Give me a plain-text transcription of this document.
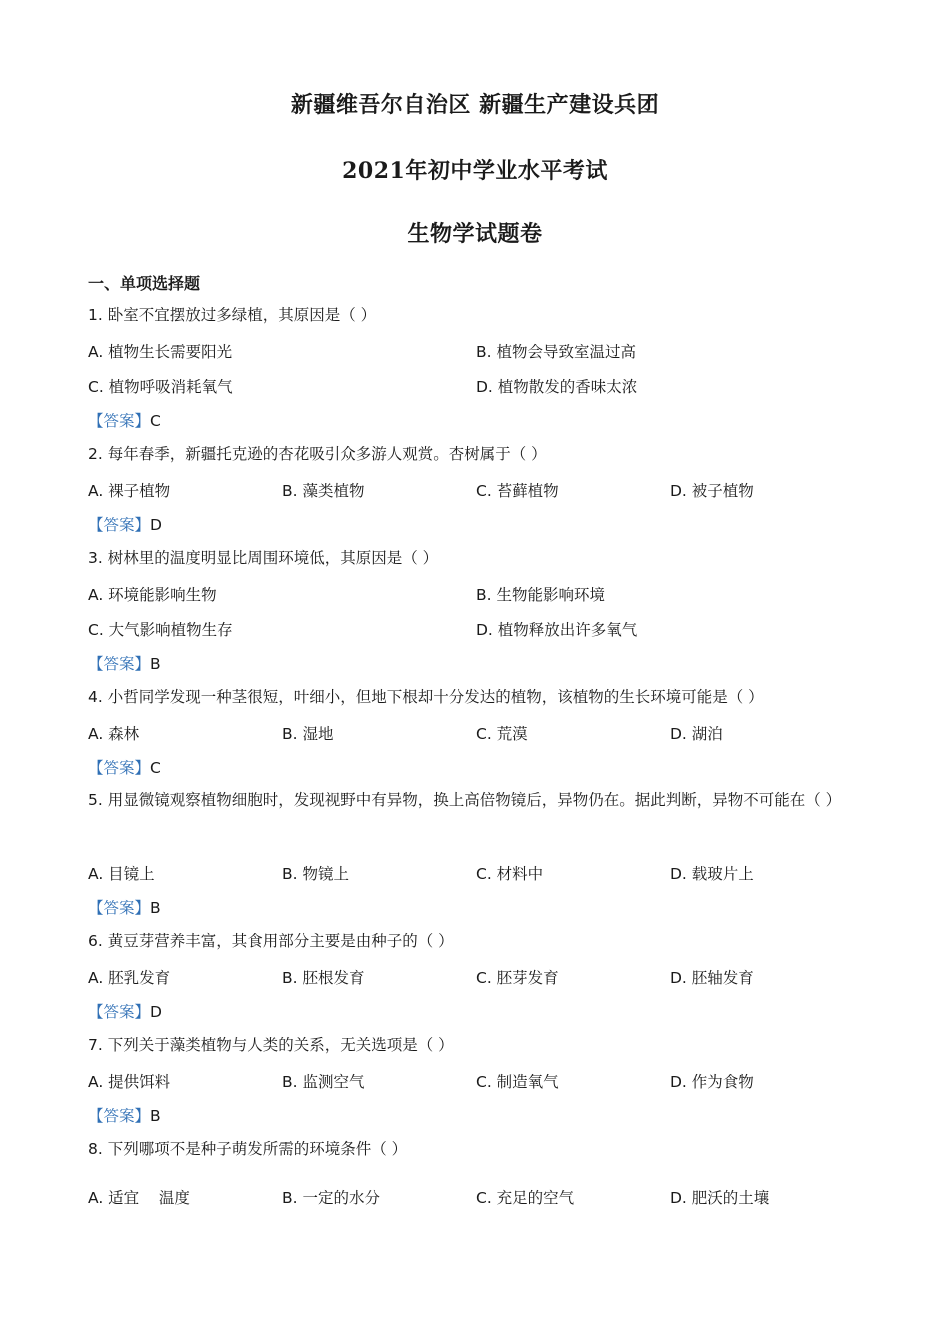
新疆维吾尔自治区 新疆生产建设兵团
2021年初中学业水平考试
生物学试题卷
一、单项选择题
1. 卧室不宜摆放过多绿植，其原因是（ ）
A. 植物生长需要阳光	B. 植物会导致室温过高
C. 植物呼吸消耗氧气	D. 植物散发的香味太浓
【答案】C
2. 每年春季，新疆托克逊的杏花吸引众多游人观赏。杏树属于（ ）
A. 裸子植物	B. 藻类植物	C. 苔藓植物	D. 被子植物
【答案】D
3. 树林里的温度明显比周围环境低，其原因是（ ）
A. 环境能影响生物	B. 生物能影响环境
C. 大气影响植物生存	D. 植物释放出许多氧气
【答案】B
4. 小哲同学发现一种茎很短，叶细小，但地下根却十分发达的植物，该植物的生长环境可能是（ ）
A. 森林	B. 湿地	C. 荒漠	D. 湖泊
【答案】C
5. 用显微镜观察植物细胞时，发现视野中有异物，换上高倍物镜后，异物仍在。据此判断，异物不可能在（ ）
A. 目镜上	B. 物镜上	C. 材料中	D. 载玻片上
【答案】B
6. 黄豆芽营养丰富，其食用部分主要是由种子的（ ）
A. 胚乳发育	B. 胚根发育	C. 胚芽发育	D. 胚轴发育
【答案】D
7. 下列关于藻类植物与人类的关系，无关选项是（ ）
A. 提供饵料	B. 监测空气	C. 制造氧气	D. 作为食物
【答案】B
8. 下列哪项不是种子萌发所需的环境条件（ ）
A. 适宜    温度	B. 一定的水分	C. 充足的空气	D. 肥沃的土壤
